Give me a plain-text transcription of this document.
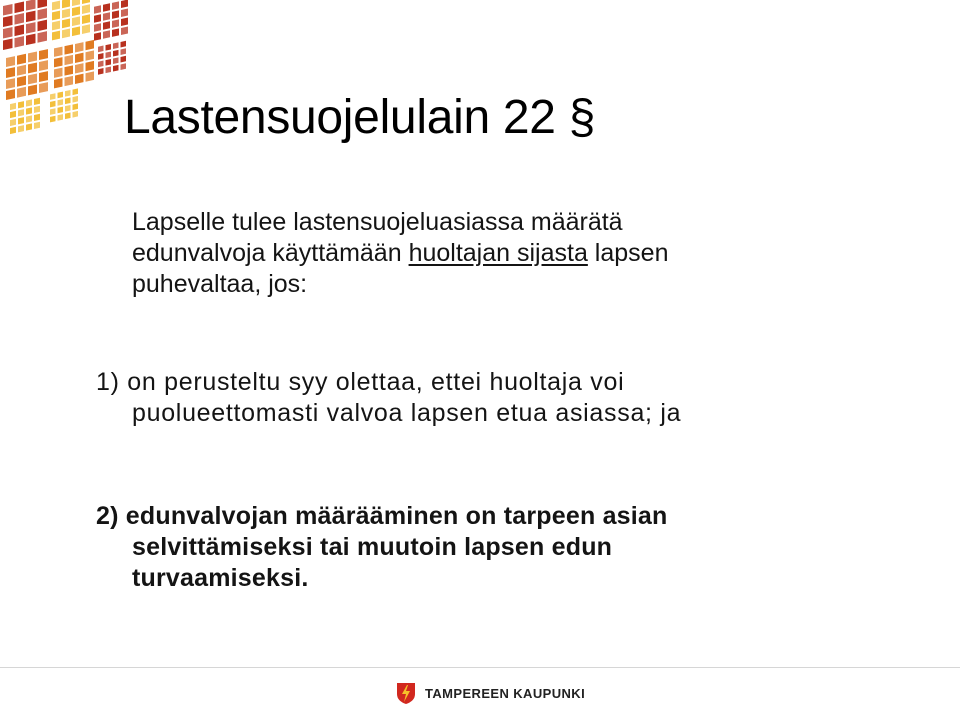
Lastensuojelulain 22 §

Lapselle tulee lastensuojeluasiassa määrätä
edunvalvoja käyttämään huoltajan sijasta lapsen
puhevaltaa, jos:

1) on perusteltu syy olettaa, ettei huoltaja voi
puolueettomasti valvoa lapsen etua asiassa; ja

2) edunvalvojan määrääminen on tarpeen asian
selvittämiseksi tai muutoin lapsen edun
turvaamiseksi.

TAMPEREEN KAUPUNKI
